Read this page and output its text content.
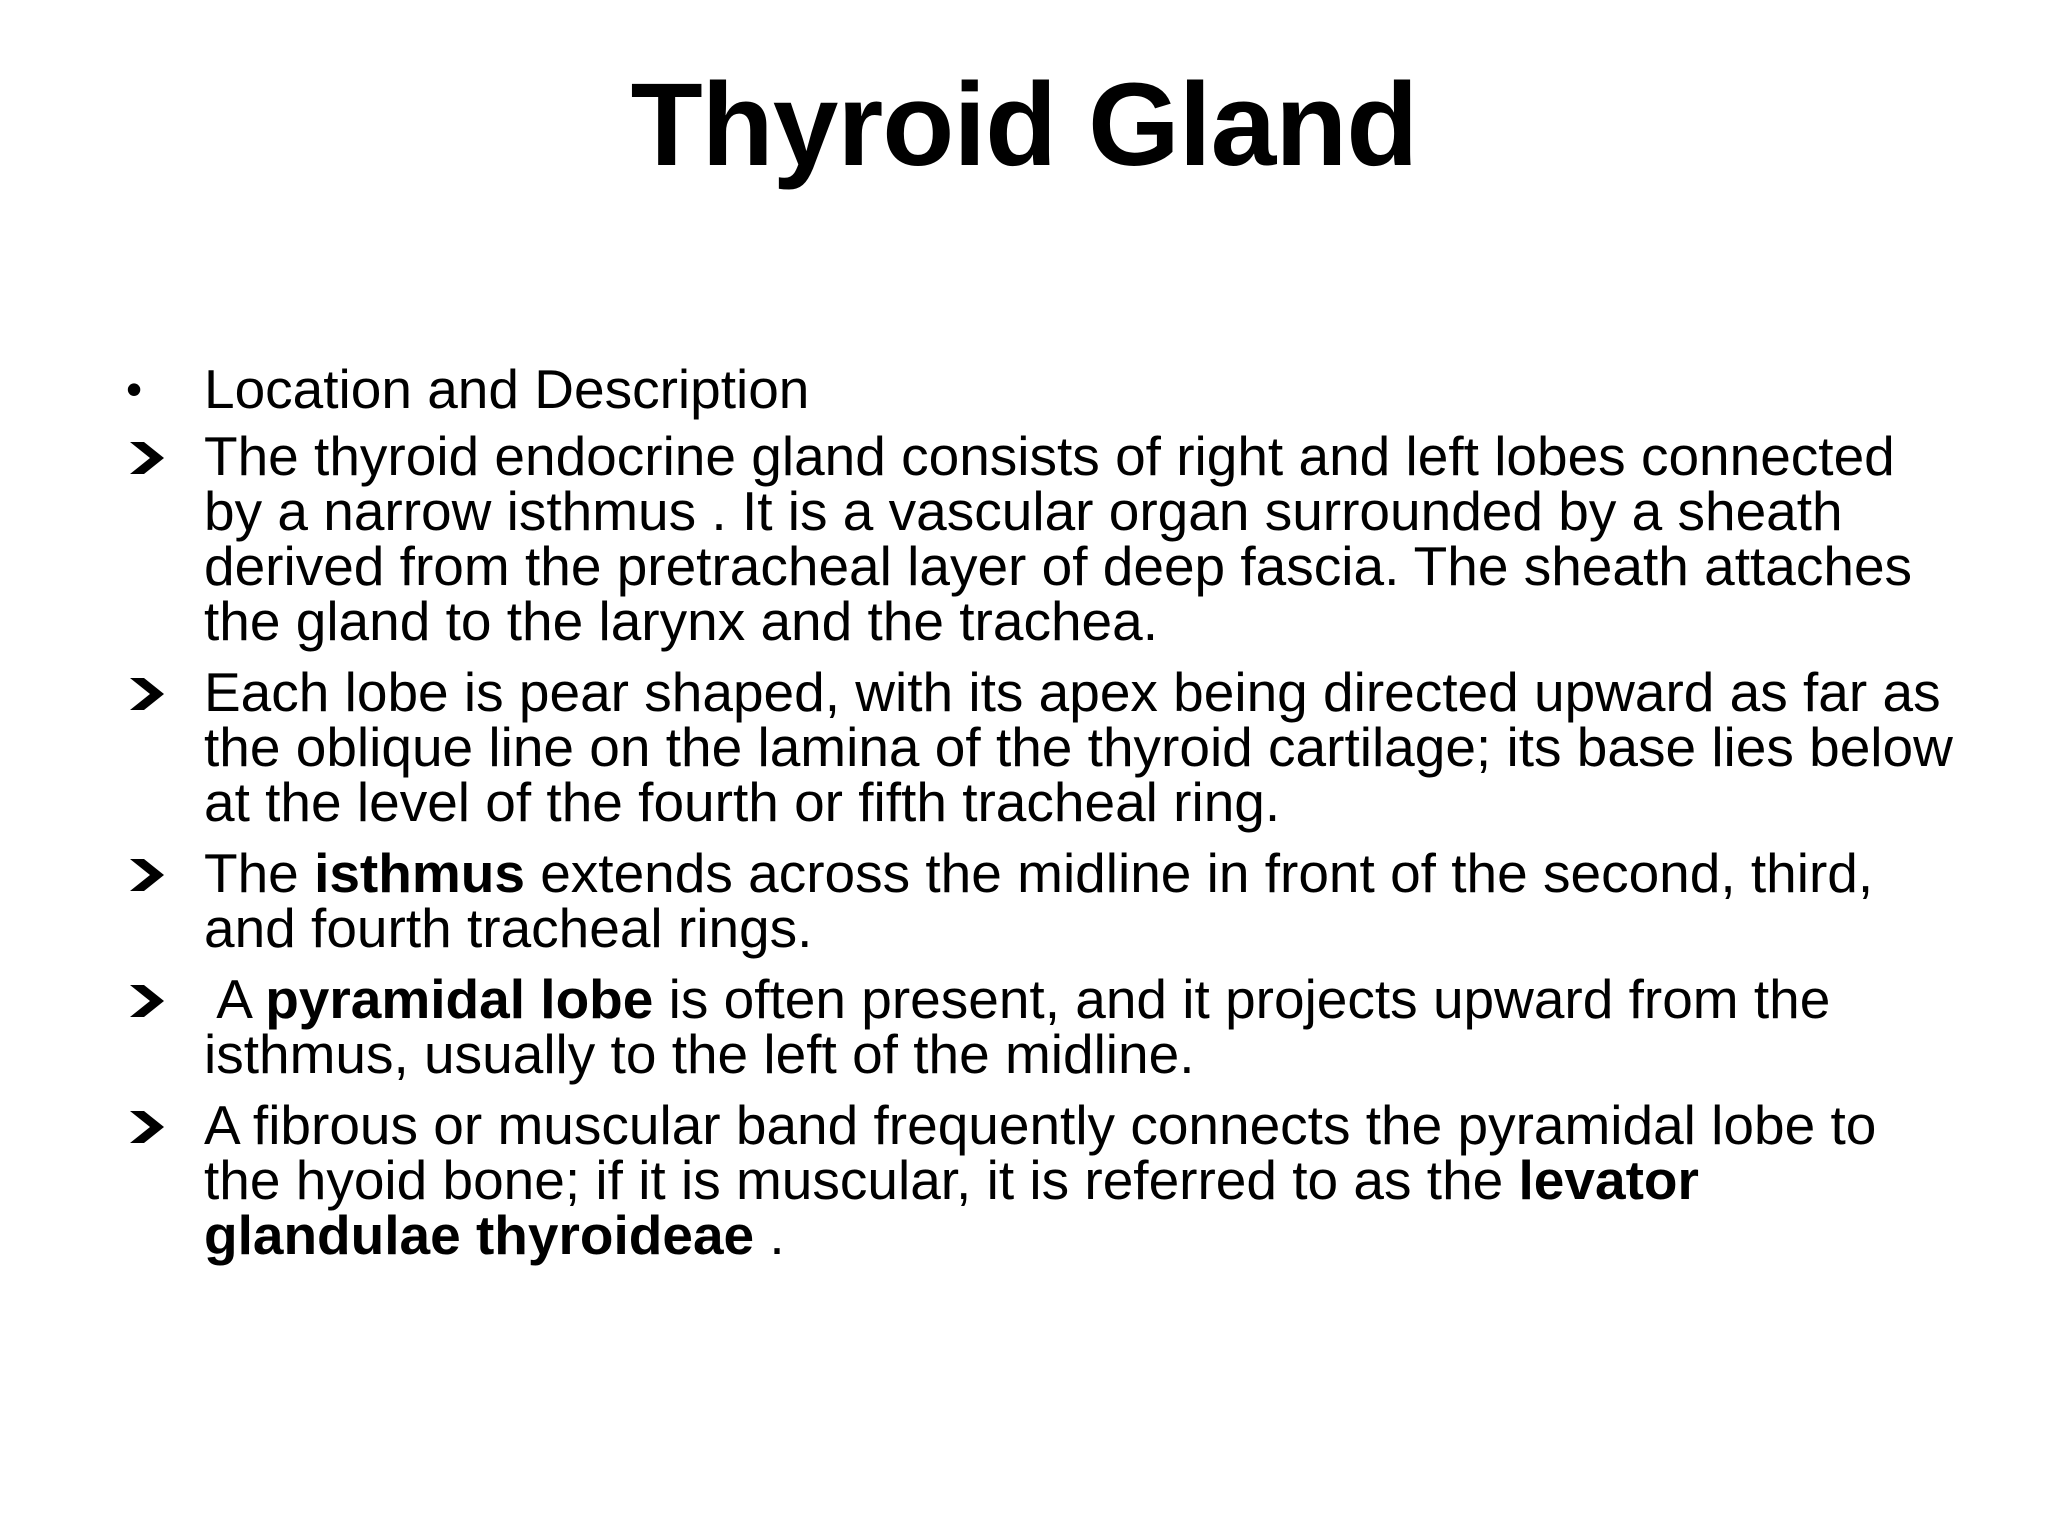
Thyroid Gland
•	Location and Description
The thyroid endocrine gland consists of right and left lobes connected by a narrow isthmus . It is a vascular organ surrounded by a sheath derived from the pretracheal layer of deep fascia. The sheath attaches the gland to the larynx and the trachea.
Each lobe is pear shaped, with its apex being directed upward as far as the oblique line on the lamina of the thyroid cartilage; its base lies below at the level of the fourth or fifth tracheal ring.
The isthmus extends across the midline in front of the second, third, and fourth tracheal rings.
A pyramidal lobe is often present, and it projects upward from the isthmus, usually to the left of the midline.
A fibrous or muscular band frequently connects the pyramidal lobe to the hyoid bone; if it is muscular, it is referred to as the levator glandulae thyroideae .
